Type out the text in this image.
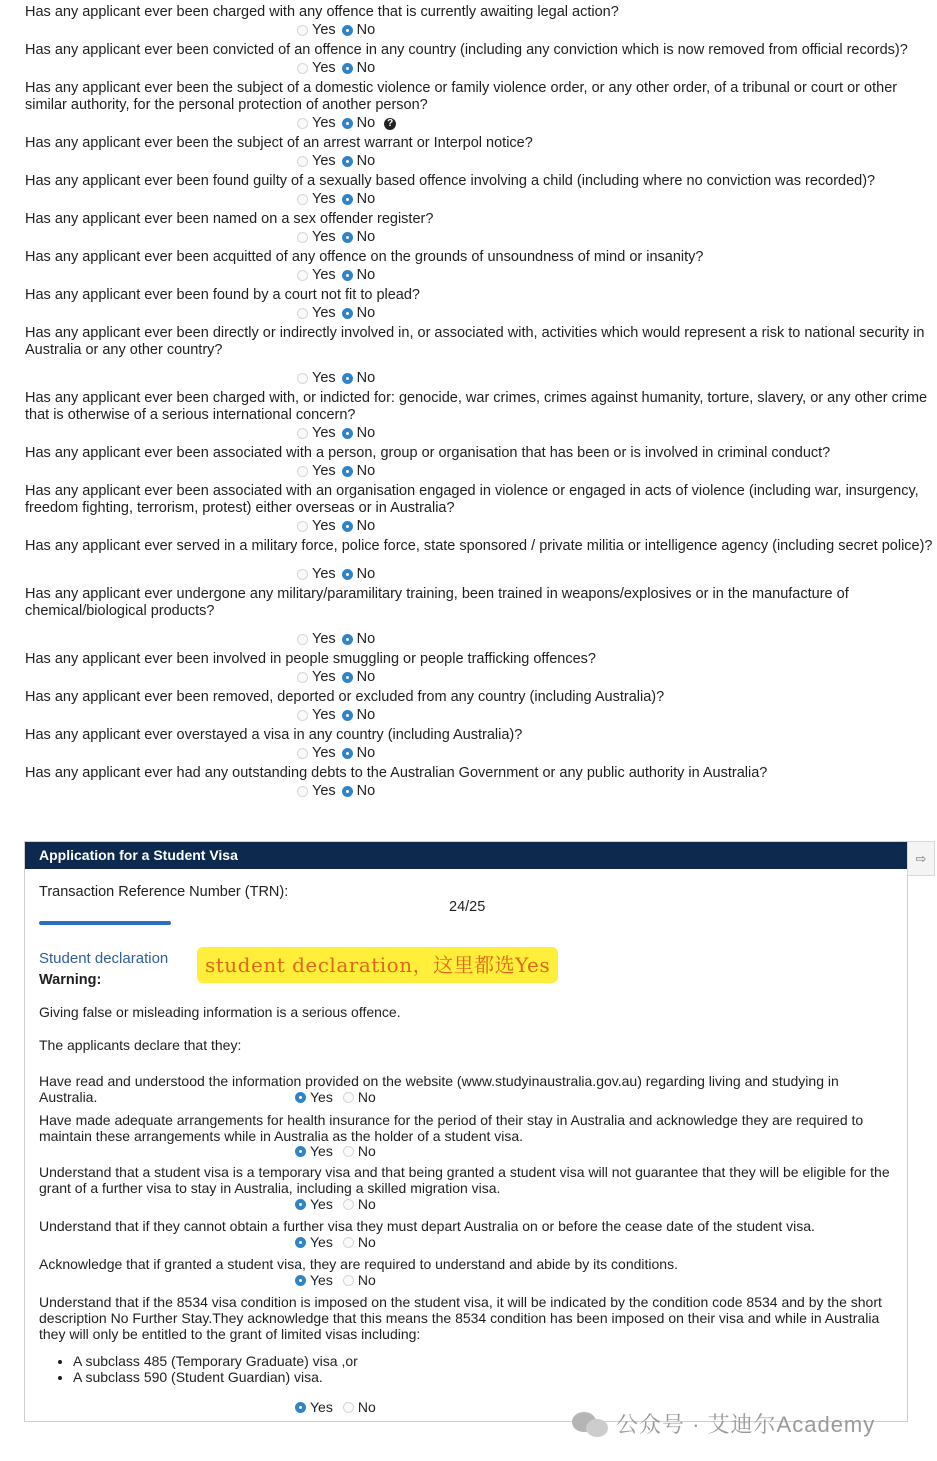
Has any applicant ever been charged with any offence that is currently awaiting legal action?
Yes No
Has any applicant ever been convicted of an offence in any country (including any conviction which is now removed from official records)?
Yes No
Has any applicant ever been the subject of a domestic violence or family violence order, or any other order, of a tribunal or court or other similar authority, for the personal protection of another person?
Yes No ?
Has any applicant ever been the subject of an arrest warrant or Interpol notice?
Yes No
Has any applicant ever been found guilty of a sexually based offence involving a child (including where no conviction was recorded)?
Yes No
Has any applicant ever been named on a sex offender register?
Yes No
Has any applicant ever been acquitted of any offence on the grounds of unsoundness of mind or insanity?
Yes No
Has any applicant ever been found by a court not fit to plead?
Yes No
Has any applicant ever been directly or indirectly involved in, or associated with, activities which would represent a risk to national security in Australia or any other country?
Yes No
Has any applicant ever been charged with, or indicted for: genocide, war crimes, crimes against humanity, torture, slavery, or any other crime that is otherwise of a serious international concern?
Yes No
Has any applicant ever been associated with a person, group or organisation that has been or is involved in criminal conduct?
Yes No
Has any applicant ever been associated with an organisation engaged in violence or engaged in acts of violence (including war, insurgency, freedom fighting, terrorism, protest) either overseas or in Australia?
Yes No
Has any applicant ever served in a military force, police force, state sponsored / private militia or intelligence agency (including secret police)?
Yes No
Has any applicant ever undergone any military/paramilitary training, been trained in weapons/explosives or in the manufacture of chemical/biological products?
Yes No
Has any applicant ever been involved in people smuggling or people trafficking offences?
Yes No
Has any applicant ever been removed, deported or excluded from any country (including Australia)?
Yes No
Has any applicant ever overstayed a visa in any country (including Australia)?
Yes No
Has any applicant ever had any outstanding debts to the Australian Government or any public authority in Australia?
Yes No
Application for a Student Visa
Transaction Reference Number (TRN):
24/25
Student declaration	student declaration，这里都选Yes
Warning:
Giving false or misleading information is a serious offence.
The applicants declare that they:
Have read and understood the information provided on the website (www.studyinaustralia.gov.au) regarding living and studying in Australia.	Yes No
Have made adequate arrangements for health insurance for the period of their stay in Australia and acknowledge they are required to maintain these arrangements while in Australia as the holder of a student visa.
Yes No
Understand that a student visa is a temporary visa and that being granted a student visa will not guarantee that they will be eligible for the grant of a further visa to stay in Australia, including a skilled migration visa.
Yes No
Understand that if they cannot obtain a further visa they must depart Australia on or before the cease date of the student visa.
Yes No
Acknowledge that if granted a student visa, they are required to understand and abide by its conditions.
Yes No
Understand that if the 8534 visa condition is imposed on the student visa, it will be indicated by the condition code 8534 and by the short description No Further Stay.They acknowledge that this means the 8534 condition has been imposed on their visa and while in Australia they will only be entitled to the grant of limited visas including:
Yes No
• A subclass 485 (Temporary Graduate) visa ,or
• A subclass 590 (Student Guardian) visa.
⇨
公众号 · 艾迪尔Academy
